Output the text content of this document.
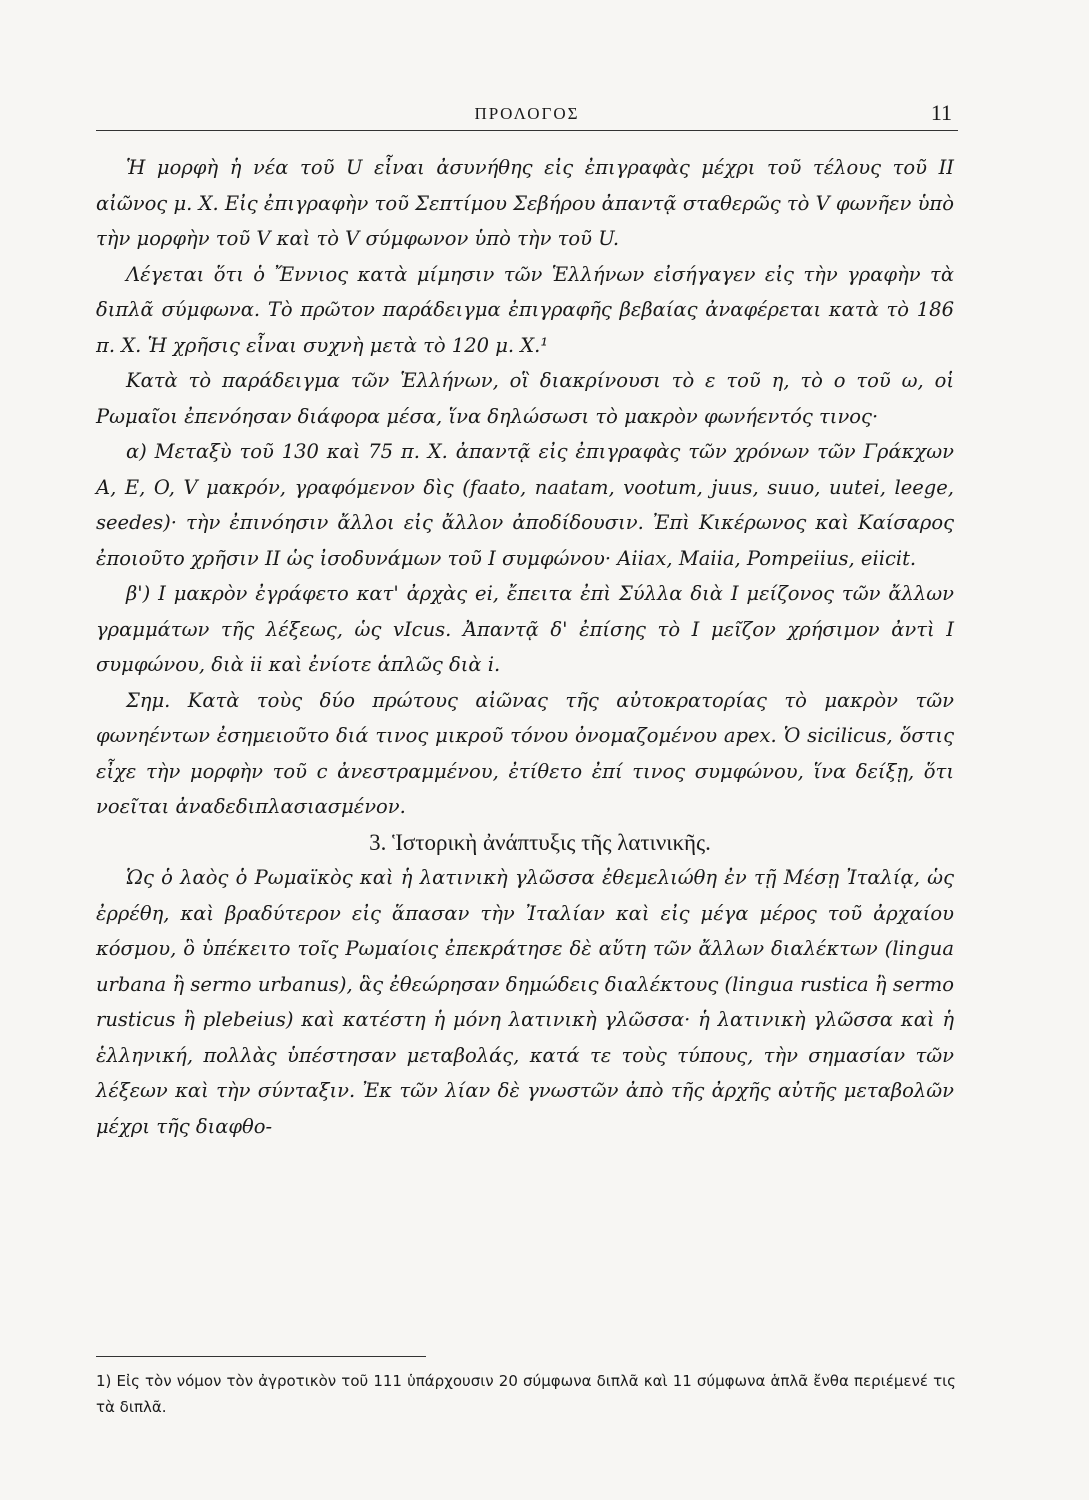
ΠΡΟΛΟΓΟΣ	11

Ἡ μορφὴ ἡ νέα τοῦ U εἶναι ἀσυνήθης εἰς ἐπιγραφὰς μέχρι τοῦ τέλους τοῦ II αἰῶνος μ. Χ. Εἰς ἐπιγραφὴν τοῦ Σεπτίμου Σεβήρου ἀπαντᾷ σταθερῶς τὸ V φωνῆεν ὑπὸ τὴν μορφὴν τοῦ V καὶ τὸ V σύμφωνον ὑπὸ τὴν τοῦ U.

Λέγεται ὅτι ὁ Ἔννιος κατὰ μίμησιν τῶν Ἑλλήνων εἰσήγαγεν εἰς τὴν γραφὴν τὰ διπλᾶ σύμφωνα. Τὸ πρῶτον παράδειγμα ἐπιγραφῆς βεβαίας ἀναφέρεται κατὰ τὸ 186 π. Χ. Ἡ χρῆσις εἶναι συχνὴ μετὰ τὸ 120 μ. Χ.¹

Κατὰ τὸ παράδειγμα τῶν Ἑλλήνων, οἳ διακρίνουσι τὸ ε τοῦ η, τὸ ο τοῦ ω, οἱ Ρωμαῖοι ἐπενόησαν διάφορα μέσα, ἵνα δηλώσωσι τὸ μακρὸν φωνήεντός τινος·

α) Μεταξὺ τοῦ 130 καὶ 75 π. Χ. ἀπαντᾷ εἰς ἐπιγραφὰς τῶν χρόνων τῶν Γράκχων A, E, O, V μακρόν, γραφόμενον δὶς (faato, naatam, vootum, juus, suuo, uutei, leege, seedes)· τὴν ἐπινόησιν ἄλλοι εἰς ἄλλον ἀποδίδουσιν. Ἐπὶ Κικέρωνος καὶ Καίσαρος ἐποιοῦτο χρῆσιν II ὡς ἰσοδυνάμων τοῦ I συμφώνου· Aiiax, Maiia, Pompeiius, eiicit.

β') I μακρὸν ἐγράφετο κατ' ἀρχὰς ei, ἔπειτα ἐπὶ Σύλλα διὰ I μείζονος τῶν ἄλλων γραμμάτων τῆς λέξεως, ὡς vIcus. Ἀπαντᾷ δ' ἐπίσης τὸ I μεῖζον χρήσιμον ἀντὶ I συμφώνου, διὰ ii καὶ ἐνίοτε ἁπλῶς διὰ i.

Σημ. Κατὰ τοὺς δύο πρώτους αἰῶνας τῆς αὐτοκρατορίας τὸ μακρὸν τῶν φωνηέντων ἐσημειοῦτο διά τινος μικροῦ τόνου ὀνομαζομένου apex. Ὁ sicilicus, ὅστις εἶχε τὴν μορφὴν τοῦ c ἀνεστραμμένου, ἐτίθετο ἐπί τινος συμφώνου, ἵνα δείξῃ, ὅτι νοεῖται ἀναδεδιπλασιασμένον.

3. Ἱστορικὴ ἀνάπτυξις τῆς λατινικῆς.

Ὡς ὁ λαὸς ὁ Ρωμαϊκὸς καὶ ἡ λατινικὴ γλῶσσα ἐθεμελιώθη ἐν τῇ Μέσῃ Ἰταλίᾳ, ὡς ἐρρέθη, καὶ βραδύτερον εἰς ἅπασαν τὴν Ἰταλίαν καὶ εἰς μέγα μέρος τοῦ ἀρχαίου κόσμου, ὃ ὑπέκειτο τοῖς Ρωμαίοις ἐπεκράτησε δὲ αὕτη τῶν ἄλλων διαλέκτων (lingua urbana ἢ sermo urbanus), ἃς ἐθεώρησαν δημώδεις διαλέκτους (lingua rustica ἢ sermo rusticus ἢ plebeius) καὶ κατέστη ἡ μόνη λατινικὴ γλῶσσα· ἡ λατινικὴ γλῶσσα καὶ ἡ ἑλληνική, πολλὰς ὑπέστησαν μεταβολάς, κατά τε τοὺς τύπους, τὴν σημασίαν τῶν λέξεων καὶ τὴν σύνταξιν. Ἐκ τῶν λίαν δὲ γνωστῶν ἀπὸ τῆς ἀρχῆς αὐτῆς μεταβολῶν μέχρι τῆς διαφθο-

1) Εἰς τὸν νόμον τὸν ἀγροτικὸν τοῦ 111 ὑπάρχουσιν 20 σύμφωνα διπλᾶ καὶ 11 σύμφωνα ἁπλᾶ ἔνθα περιέμενέ τις τὰ διπλᾶ.
